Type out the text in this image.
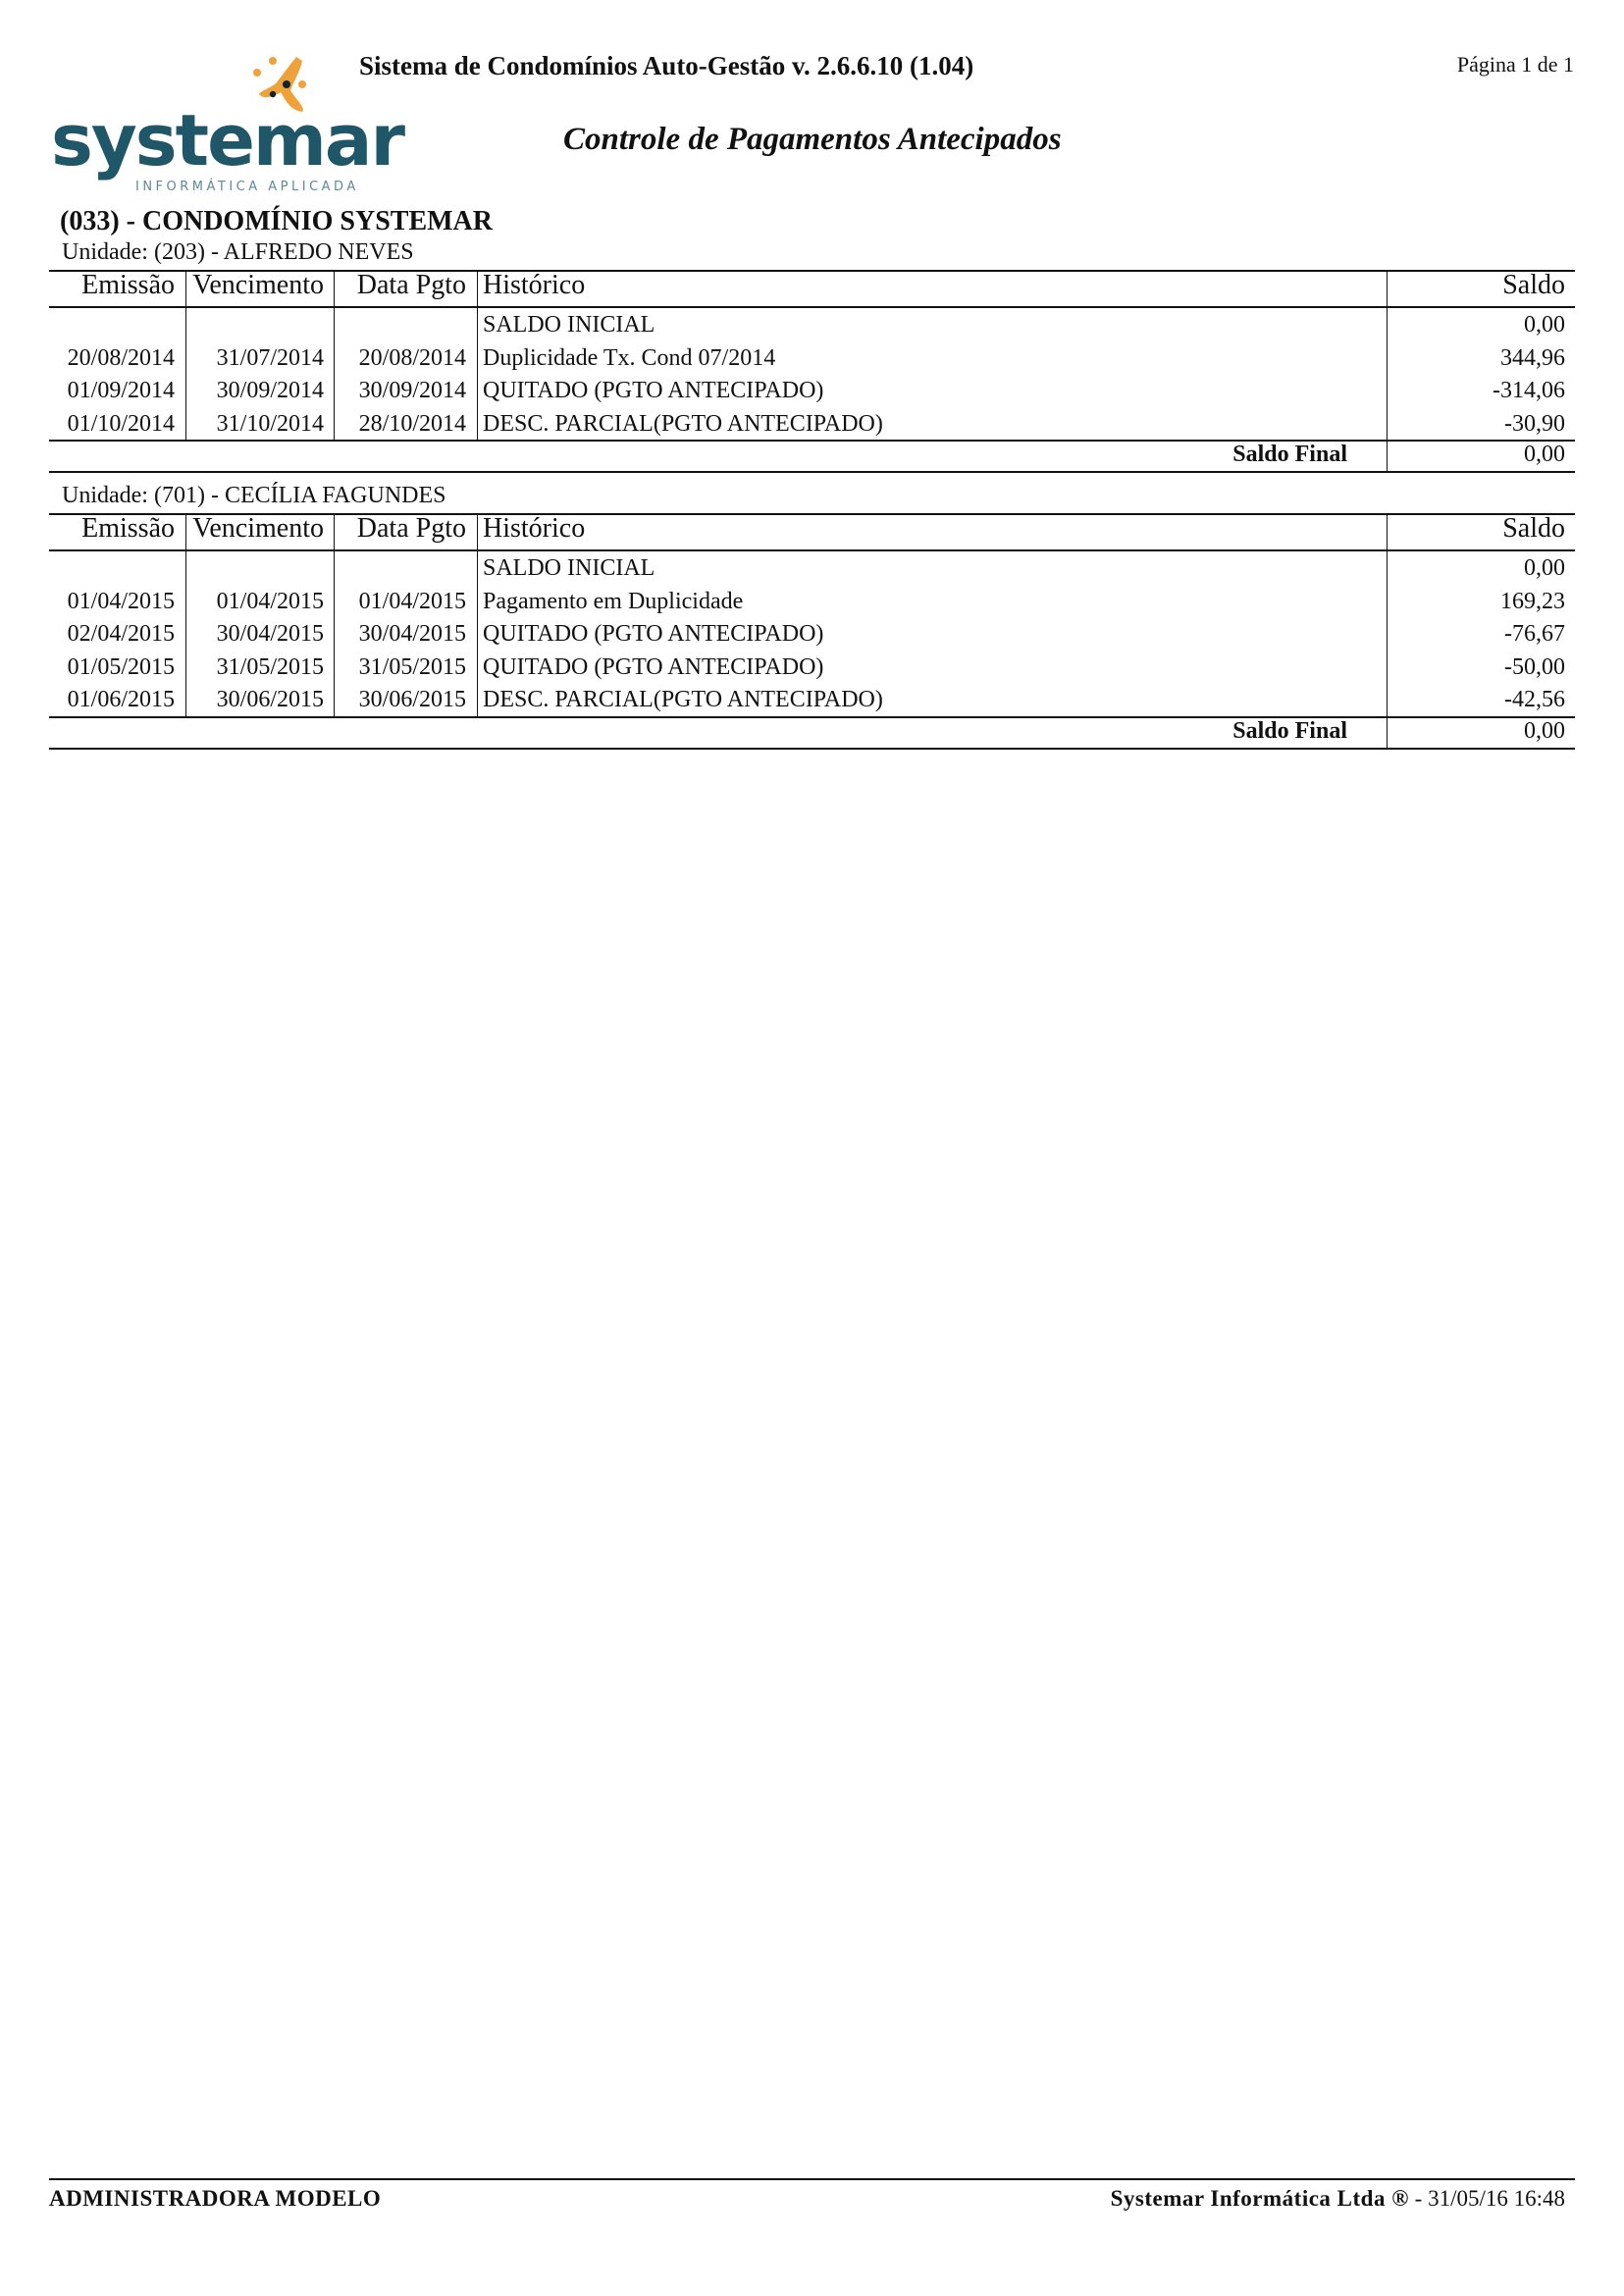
systemar
INFORMÁTICA APLICADA
Sistema de Condomínios Auto-Gestão v. 2.6.6.10 (1.04)	Página 1 de 1
Controle de Pagamentos Antecipados
(033) - CONDOMÍNIO SYSTEMAR
Unidade: (203) - ALFREDO NEVES
Emissão Vencimento Data Pgto Histórico	Saldo
SALDO INICIAL	0,00
20/08/2014 31/07/2014 20/08/2014 Duplicidade Tx. Cond 07/2014	344,96
01/09/2014 30/09/2014 30/09/2014 QUITADO (PGTO ANTECIPADO)	-314,06
01/10/2014 31/10/2014 28/10/2014 DESC. PARCIAL(PGTO ANTECIPADO)	-30,90
Saldo Final	0,00
Unidade: (701) - CECÍLIA FAGUNDES
Emissão Vencimento Data Pgto Histórico	Saldo
SALDO INICIAL	0,00
01/04/2015 01/04/2015 01/04/2015 Pagamento em Duplicidade	169,23
02/04/2015 30/04/2015 30/04/2015 QUITADO (PGTO ANTECIPADO)	-76,67
01/05/2015 31/05/2015 31/05/2015 QUITADO (PGTO ANTECIPADO)	-50,00
01/06/2015 30/06/2015 30/06/2015 DESC. PARCIAL(PGTO ANTECIPADO)	-42,56
Saldo Final	0,00
ADMINISTRADORA MODELO	Systemar Informática Ltda ® - 31/05/16 16:48
